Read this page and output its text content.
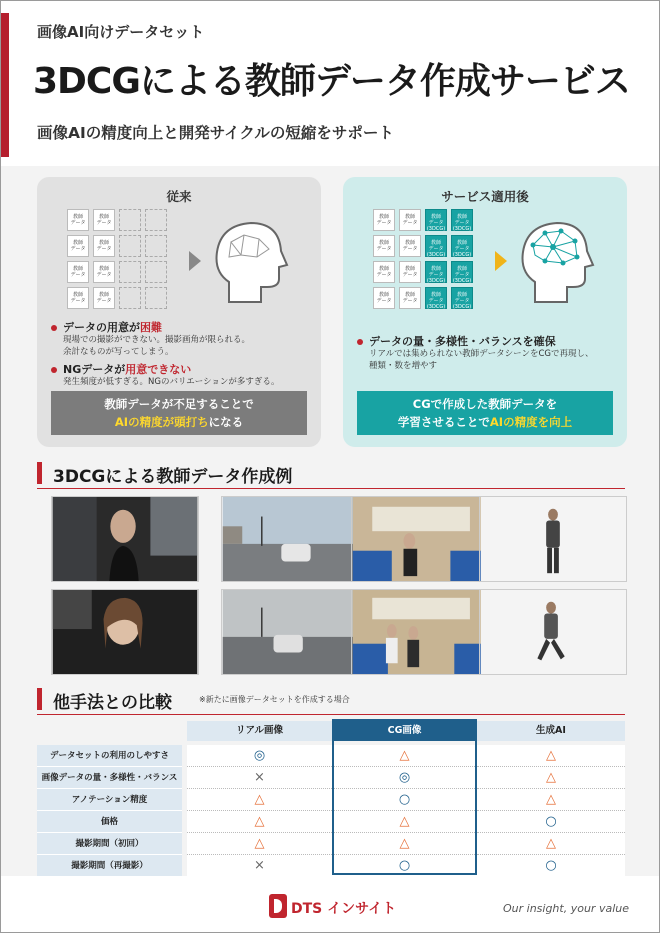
画像AI向けデータセット
3DCGによる教師データ作成サービス
画像AIの精度向上と開発サイクルの短縮をサポート
従来
教師
データ
教師
データ
教師
データ
教師
データ
教師
データ
教師
データ
教師
データ
教師
データ
データの用意が困難
現場での撮影ができない。撮影画角が限られる。
余計なものが写ってしまう。
NGデータが用意できない
発生頻度が低すぎる。NGのバリエーションが多すぎる。
教師データが不足することで
AIの精度が頭打ちになる
サービス適用後
教師
データ
教師
データ
教師
データ
(3DCG)
教師
データ
(3DCG)
教師
データ
教師
データ
教師
データ
(3DCG)
教師
データ
(3DCG)
教師
データ
教師
データ
教師
データ
(3DCG)
教師
データ
(3DCG)
教師
データ
教師
データ
教師
データ
(3DCG)
教師
データ
(3DCG)
データの量・多様性・バランスを確保
リアルでは集められない教師データシーンをCGで再現し、
種類・数を増やす
CGで作成した教師データを
学習させることでAIの精度を向上
3DCGによる教師データ作成例
他手法との比較	※新たに画像データセットを作成する場合
リアル画像	CG画像	生成AI
データセットの利用のしやすさ	◎	△	△
画像データの量・多様性・バランス	×	◎	△
アノテーション精度	△	○	△
価格	△	△	○
撮影期間（初回）	△	△	△
撮影期間（再撮影）	×	○	○
DTS インサイト	Our insight, your value
